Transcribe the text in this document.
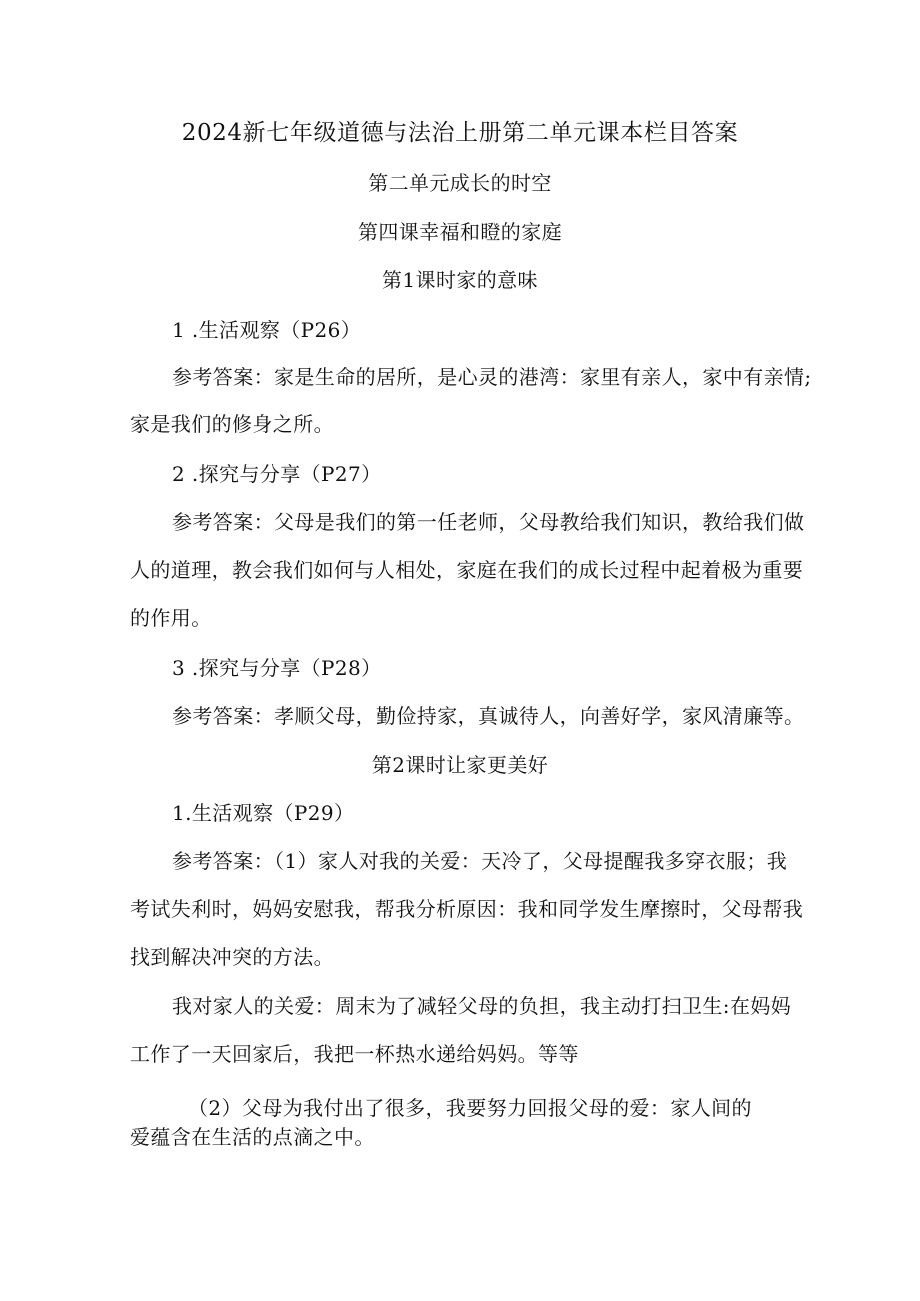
2024新七年级道德与法治上册第二单元课本栏目答案
第二单元成长的时空
第四课幸福和瞪的家庭
第1课时家的意味
1 .生活观察（P26）
参考答案：家是生命的居所，是心灵的港湾：家里有亲人，家中有亲情;
家是我们的修身之所。
2 .探究与分享（P27）
参考答案：父母是我们的第一任老师，父母教给我们知识，教给我们做
人的道理，教会我们如何与人相处，家庭在我们的成长过程中起着极为重要
的作用。
3 .探究与分享（P28）
参考答案：孝顺父母，勤俭持家，真诚待人，向善好学，家风清廉等。
第2课时让家更美好
1.生活观察（P29）
参考答案：（1）家人对我的关爱：天冷了，父母提醒我多穿衣服；我
考试失利时，妈妈安慰我，帮我分析原因：我和同学发生摩擦时，父母帮我
找到解决冲突的方法。
我对家人的关爱：周末为了减轻父母的负担，我主动打扫卫生:在妈妈
工作了一天回家后，我把一杯热水递给妈妈。等等
（2）父母为我付出了很多，我要努力回报父母的爱：家人间的
爱蕴含在生活的点滴之中。
